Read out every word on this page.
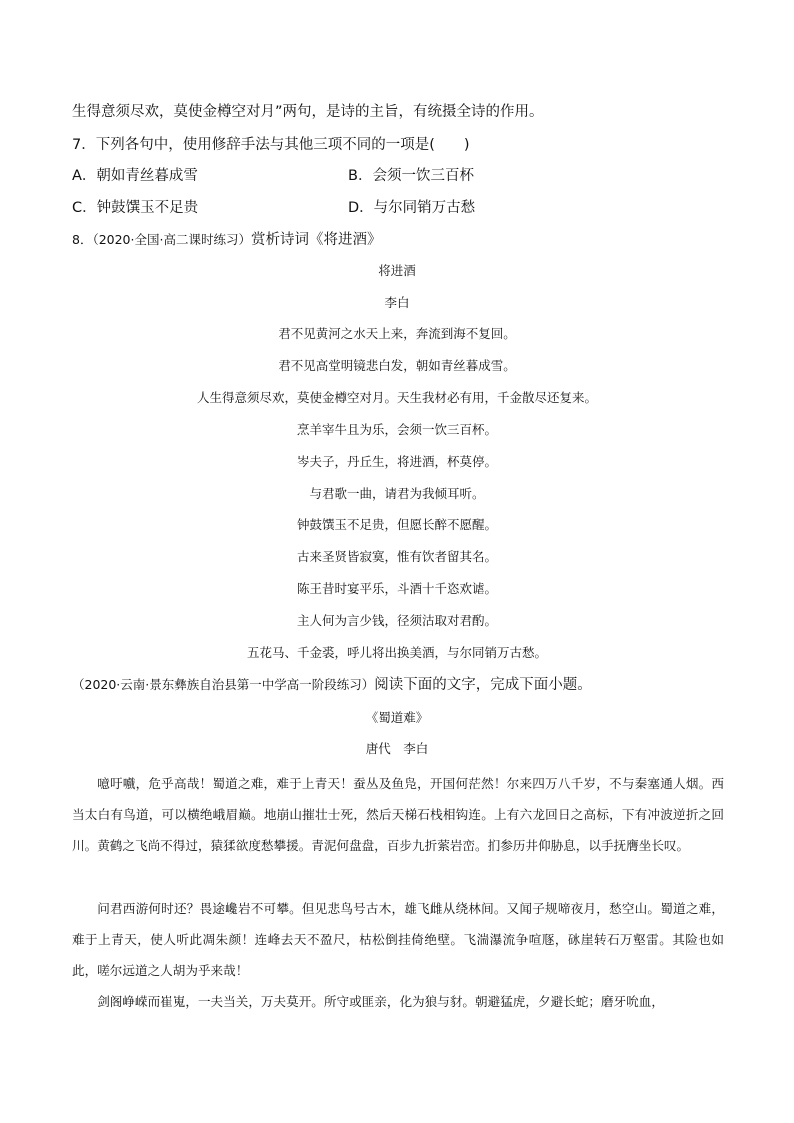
生得意须尽欢，莫使金樽空对月”两句，是诗的主旨，有统摄全诗的作用。
7．下列各句中，使用修辞手法与其他三项不同的一项是(　　)
A．朝如青丝暮成雪	B．会须一饮三百杯
C．钟鼓馔玉不足贵	D．与尔同销万古愁
8．（2020·全国·高二课时练习）赏析诗词《将进酒》
将进酒
李白
君不见黄河之水天上来，奔流到海不复回。
君不见高堂明镜悲白发，朝如青丝暮成雪。
人生得意须尽欢，莫使金樽空对月。天生我材必有用，千金散尽还复来。
烹羊宰牛且为乐，会须一饮三百杯。
岑夫子，丹丘生，将进酒，杯莫停。
与君歌一曲，请君为我倾耳听。
钟鼓馔玉不足贵，但愿长醉不愿醒。
古来圣贤皆寂寞，惟有饮者留其名。
陈王昔时宴平乐，斗酒十千恣欢谑。
主人何为言少钱，径须沽取对君酌。
五花马、千金裘，呼儿将出换美酒，与尔同销万古愁。
（2020·云南·景东彝族自治县第一中学高一阶段练习）阅读下面的文字，完成下面小题。
《蜀道难》
唐代　李白
噫吁嚱，危乎高哉！蜀道之难，难于上青天！蚕丛及鱼凫，开国何茫然！尔来四万八千岁，不与秦塞通人烟。西当太白有鸟道，可以横绝峨眉巅。地崩山摧壮士死，然后天梯石栈相钩连。上有六龙回日之高标，下有冲波逆折之回川。黄鹤之飞尚不得过，猿猱欲度愁攀援。青泥何盘盘，百步九折萦岩峦。扪参历井仰胁息，以手抚膺坐长叹。
问君西游何时还？畏途巉岩不可攀。但见悲鸟号古木，雄飞雌从绕林间。又闻子规啼夜月，愁空山。蜀道之难，难于上青天，使人听此凋朱颜！连峰去天不盈尺，枯松倒挂倚绝壁。飞湍瀑流争喧豗，砯崖转石万壑雷。其险也如此，嗟尔远道之人胡为乎来哉！
剑阁峥嵘而崔嵬，一夫当关，万夫莫开。所守或匪亲，化为狼与豺。朝避猛虎，夕避长蛇；磨牙吮血，
